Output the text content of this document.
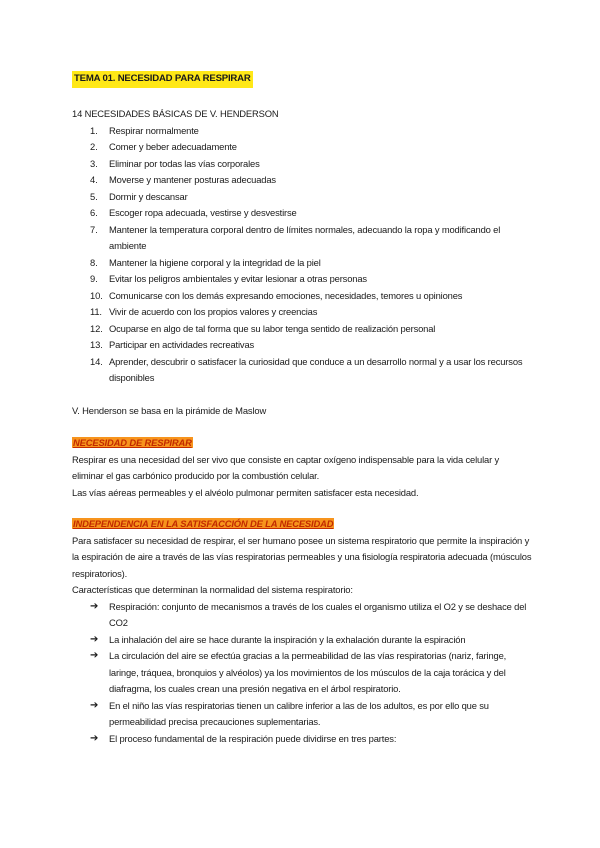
TEMA 01. NECESIDAD PARA RESPIRAR

14 NECESIDADES BÁSICAS DE V. HENDERSON

1. Respirar normalmente
2. Comer y beber adecuadamente
3. Eliminar por todas las vías corporales
4. Moverse y mantener posturas adecuadas
5. Dormir y descansar
6. Escoger ropa adecuada, vestirse y desvestirse
7. Mantener la temperatura corporal dentro de límites normales, adecuando la ropa y modificando el ambiente
8. Mantener la higiene corporal y la integridad de la piel
9. Evitar los peligros ambientales y evitar lesionar a otras personas
10. Comunicarse con los demás expresando emociones, necesidades, temores u opiniones
11. Vivir de acuerdo con los propios valores y creencias
12. Ocuparse en algo de tal forma que su labor tenga sentido de realización personal
13. Participar en actividades recreativas
14. Aprender, descubrir o satisfacer la curiosidad que conduce a un desarrollo normal y a usar los recursos disponibles
V. Henderson se basa en la pirámide de Maslow
NECESIDAD DE RESPIRAR

Respirar es una necesidad del ser vivo que consiste en captar oxígeno indispensable para la vida celular y eliminar el gas carbónico producido por la combustión celular.

Las vías aéreas permeables y el alvéolo pulmonar permiten satisfacer esta necesidad.

INDEPENDENCIA EN LA SATISFACCIÓN DE LA NECESIDAD

Para satisfacer su necesidad de respirar, el ser humano posee un sistema respiratorio que permite la inspiración y la espiración de aire a través de las vías respiratorias permeables y una fisiología respiratoria adecuada (músculos respiratorios).

Características que determinan la normalidad del sistema respiratorio:

➔ Respiración: conjunto de mecanismos a través de los cuales el organismo utiliza el O2 y se deshace del CO2
➔ La inhalación del aire se hace durante la inspiración y la exhalación durante la espiración
➔ La circulación del aire se efectúa gracias a la permeabilidad de las vías respiratorias (nariz, faringe, laringe, tráquea, bronquios y alvéolos) ya los movimientos de los músculos de la caja torácica y del diafragma, los cuales crean una presión negativa en el árbol respiratorio.
➔ En el niño las vías respiratorias tienen un calibre inferior a las de los adultos, es por ello que su permeabilidad precisa precauciones suplementarias.
➔ El proceso fundamental de la respiración puede dividirse en tres partes:
